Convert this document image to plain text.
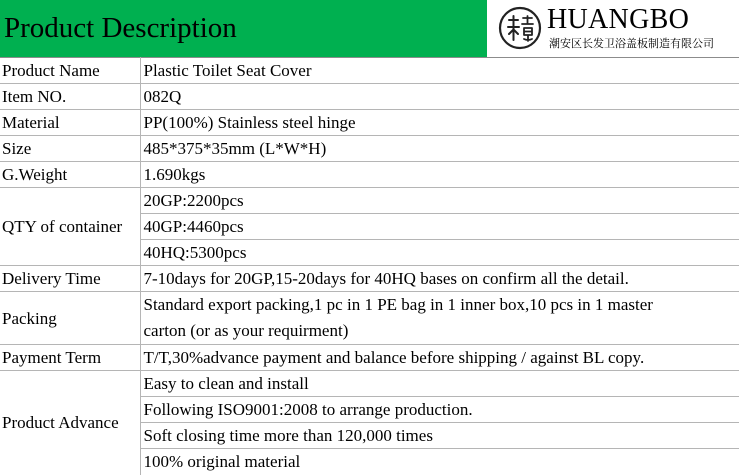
Product Description	HUANGBO
潮安区长发卫浴盖板制造有限公司
Product Name	Plastic Toilet Seat Cover
Item NO.	082Q
Material	PP(100%) Stainless steel hinge
Size	485*375*35mm (L*W*H)
G.Weight	1.690kgs
QTY of container	20GP:2200pcs
	40GP:4460pcs
	40HQ:5300pcs
Delivery Time	7-10days for 20GP,15-20days for 40HQ bases on confirm all the detail.
Packing	Standard export packing,1 pc in 1 PE bag in 1 inner box,10 pcs in 1 master
carton (or as your requirment)

Payment Term	T/T,30%advance payment and balance before shipping / against BL copy.
Product Advance	Easy to clean and install
	Following ISO9001:2008 to arrange production.
	Soft closing time more than 120,000 times
	100% original material
